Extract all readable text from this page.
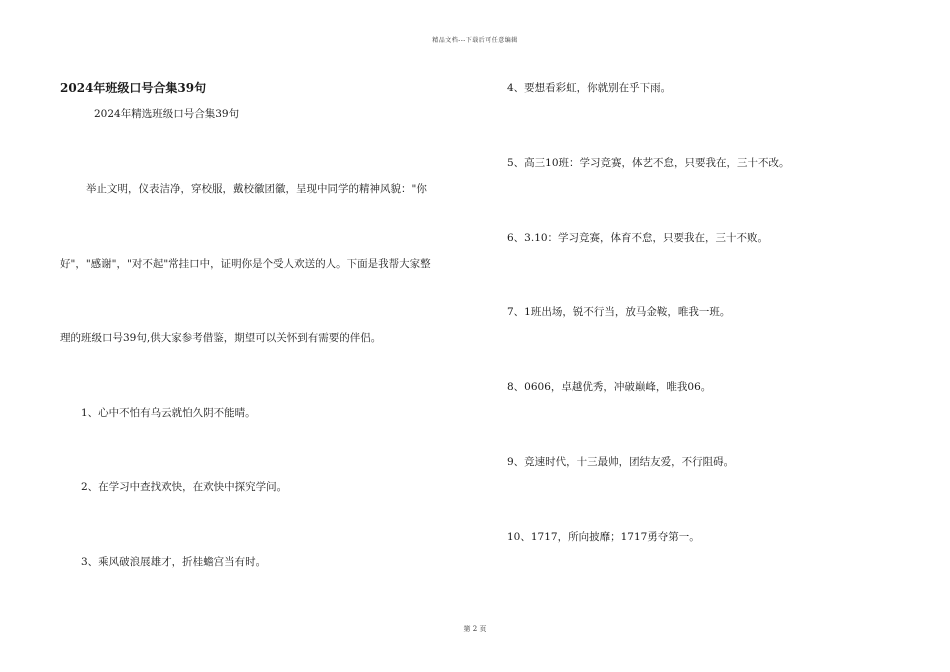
精品文档---下载后可任意编辑
2024年班级口号合集39句
2024年精选班级口号合集39句
举止文明，仪表洁净，穿校服，戴校徽团徽，呈现中同学的精神风貌："你
好"，"感谢"，"对不起"常挂口中，证明你是个受人欢送的人。下面是我帮大家整
理的班级口号39句,供大家参考借鉴，期望可以关怀到有需要的伴侣。
1、心中不怕有乌云就怕久阴不能晴。
2、在学习中查找欢快，在欢快中探究学问。
3、乘风破浪展雄才，折桂蟾宫当有时。
4、要想看彩虹，你就别在乎下雨。
5、高三10班：学习竞赛，体艺不怠，只要我在，三十不改。
6、3.10：学习竞赛，体育不怠，只要我在，三十不败。
7、1班出场，锐不行当，放马金鞍，唯我一班。
8、0606，卓越优秀，冲破巅峰，唯我06。
9、竞速时代，十三最帅，团结友爱，不行阻碍。
10、1717，所向披靡；1717勇夺第一。
第 2 页
